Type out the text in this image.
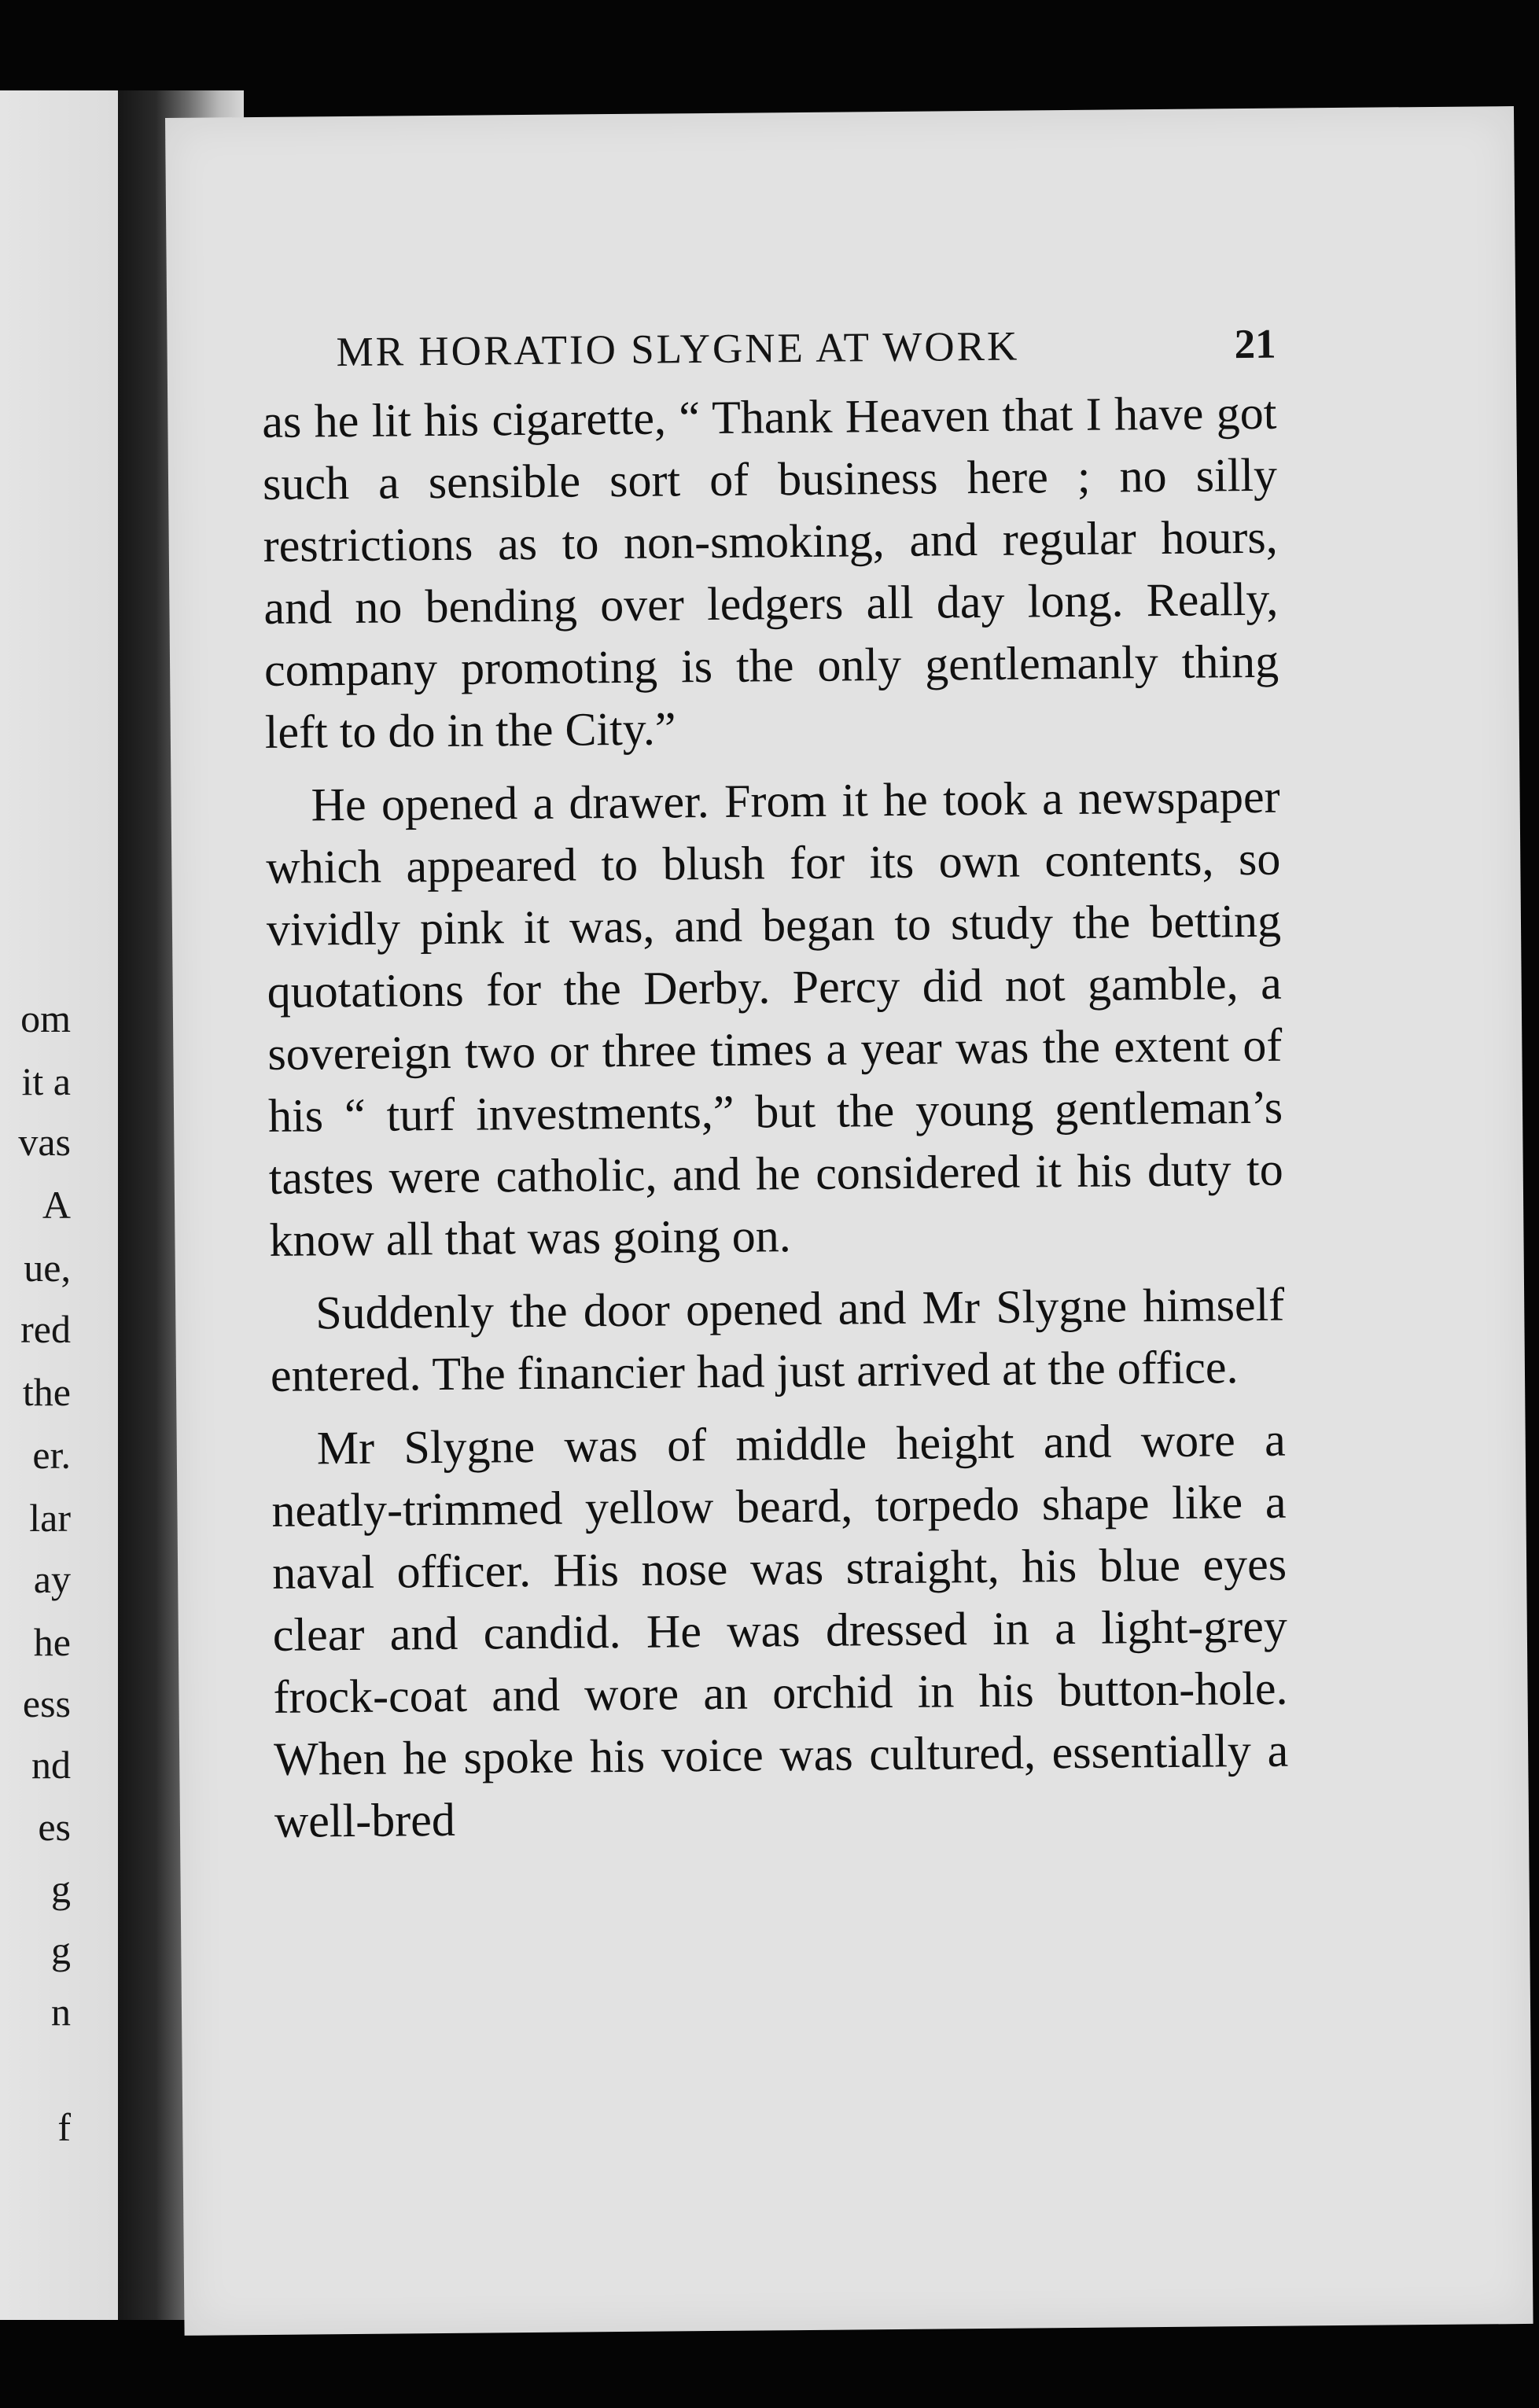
om
it a
vas
A
ue,
red
the
er.
lar
ay
he
ess
nd
es
g
g
n
f
MR HORATIO SLYGNE AT WORK	21

as he lit his cigarette, “ Thank Heaven that I have got such a sensible sort of business here ; no silly restrictions as to non-smoking, and regular hours, and no bending over ledgers all day long. Really, company promoting is the only gentlemanly thing left to do in the City.”

He opened a drawer. From it he took a newspaper which appeared to blush for its own contents, so vividly pink it was, and began to study the betting quotations for the Derby. Percy did not gamble, a sovereign two or three times a year was the extent of his “ turf investments,” but the young gentleman’s tastes were catholic, and he considered it his duty to know all that was going on.

Suddenly the door opened and Mr Slygne himself entered. The financier had just arrived at the office.

Mr Slygne was of middle height and wore a neatly-trimmed yellow beard, torpedo shape like a naval officer. His nose was straight, his blue eyes clear and candid. He was dressed in a light-grey frock-coat and wore an orchid in his button-hole. When he spoke his voice was cultured, essentially a well-bred
